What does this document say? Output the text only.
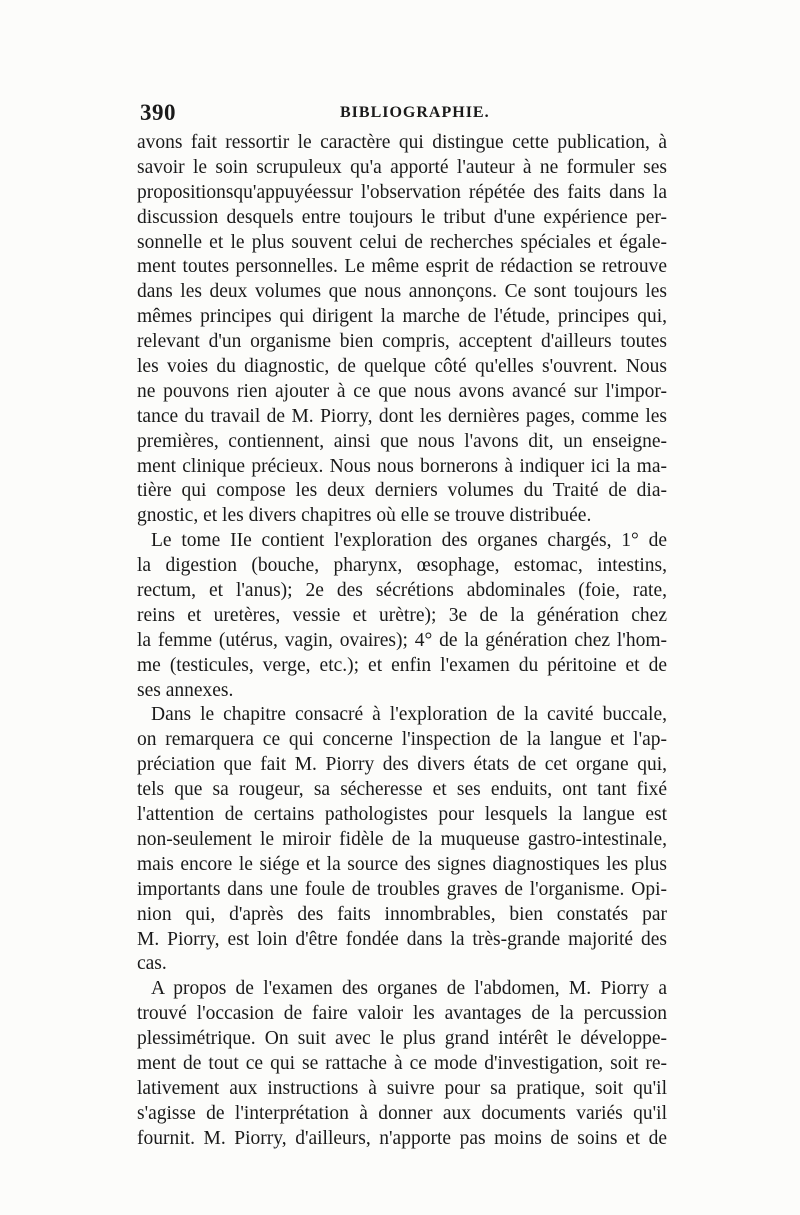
390	BIBLIOGRAPHIE.
avons fait ressortir le caractère qui distingue cette publication, à
savoir le soin scrupuleux qu'a apporté l'auteur à ne formuler ses
propositionsqu'appuyéessur l'observation répétée des faits dans la
discussion desquels entre toujours le tribut d'une expérience per-
sonnelle et le plus souvent celui de recherches spéciales et égale-
ment toutes personnelles. Le même esprit de rédaction se retrouve
dans les deux volumes que nous annonçons. Ce sont toujours les
mêmes principes qui dirigent la marche de l'étude, principes qui,
relevant d'un organisme bien compris, acceptent d'ailleurs toutes
les voies du diagnostic, de quelque côté qu'elles s'ouvrent. Nous
ne pouvons rien ajouter à ce que nous avons avancé sur l'impor-
tance du travail de M. Piorry, dont les dernières pages, comme les
premières, contiennent, ainsi que nous l'avons dit, un enseigne-
ment clinique précieux. Nous nous bornerons à indiquer ici la ma-
tière qui compose les deux derniers volumes du Traité de dia-
gnostic, et les divers chapitres où elle se trouve distribuée.
Le tome IIe contient l'exploration des organes chargés, 1° de
la digestion (bouche, pharynx, œsophage, estomac, intestins,
rectum, et l'anus); 2e des sécrétions abdominales (foie, rate,
reins et uretères, vessie et urètre); 3e de la génération chez
la femme (utérus, vagin, ovaires); 4° de la génération chez l'hom-
me (testicules, verge, etc.); et enfin l'examen du péritoine et de
ses annexes.
Dans le chapitre consacré à l'exploration de la cavité buccale,
on remarquera ce qui concerne l'inspection de la langue et l'ap-
préciation que fait M. Piorry des divers états de cet organe qui,
tels que sa rougeur, sa sécheresse et ses enduits, ont tant fixé
l'attention de certains pathologistes pour lesquels la langue est
non-seulement le miroir fidèle de la muqueuse gastro-intestinale,
mais encore le siége et la source des signes diagnostiques les plus
importants dans une foule de troubles graves de l'organisme. Opi-
nion qui, d'après des faits innombrables, bien constatés par
M. Piorry, est loin d'être fondée dans la très-grande majorité des
cas.
A propos de l'examen des organes de l'abdomen, M. Piorry a
trouvé l'occasion de faire valoir les avantages de la percussion
plessimétrique. On suit avec le plus grand intérêt le développe-
ment de tout ce qui se rattache à ce mode d'investigation, soit re-
lativement aux instructions à suivre pour sa pratique, soit qu'il
s'agisse de l'interprétation à donner aux documents variés qu'il
fournit. M. Piorry, d'ailleurs, n'apporte pas moins de soins et de
